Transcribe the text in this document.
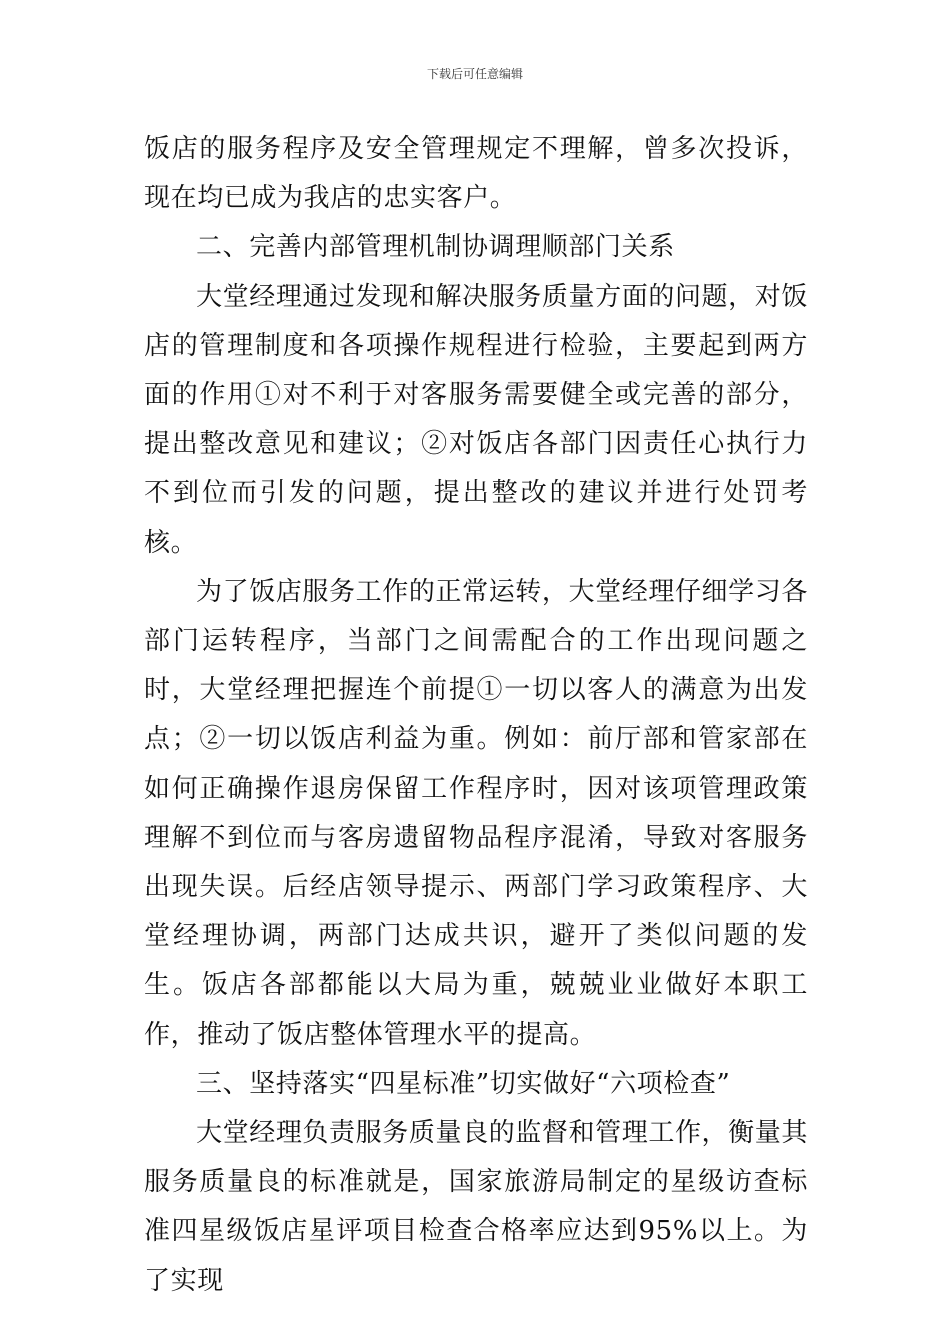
下载后可任意编辑

饭店的服务程序及安全管理规定不理解，曾多次投诉，现在均已成为我店的忠实客户。

二、完善内部管理机制协调理顺部门关系

大堂经理通过发现和解决服务质量方面的问题，对饭店的管理制度和各项操作规程进行检验，主要起到两方面的作用①对不利于对客服务需要健全或完善的部分，提出整改意见和建议；②对饭店各部门因责任心执行力不到位而引发的问题，提出整改的建议并进行处罚考核。

为了饭店服务工作的正常运转，大堂经理仔细学习各部门运转程序，当部门之间需配合的工作出现问题之时，大堂经理把握连个前提①一切以客人的满意为出发点；②一切以饭店利益为重。例如：前厅部和管家部在如何正确操作退房保留工作程序时，因对该项管理政策理解不到位而与客房遗留物品程序混淆，导致对客服务出现失误。后经店领导提示、两部门学习政策程序、大堂经理协调，两部门达成共识，避开了类似问题的发生。饭店各部都能以大局为重，兢兢业业做好本职工作，推动了饭店整体管理水平的提高。

三、坚持落实“四星标准”切实做好“六项检查”

大堂经理负责服务质量良的监督和管理工作，衡量其服务质量良的标准就是，国家旅游局制定的星级访查标准四星级饭店星评项目检查合格率应达到95%以上。为了实现
